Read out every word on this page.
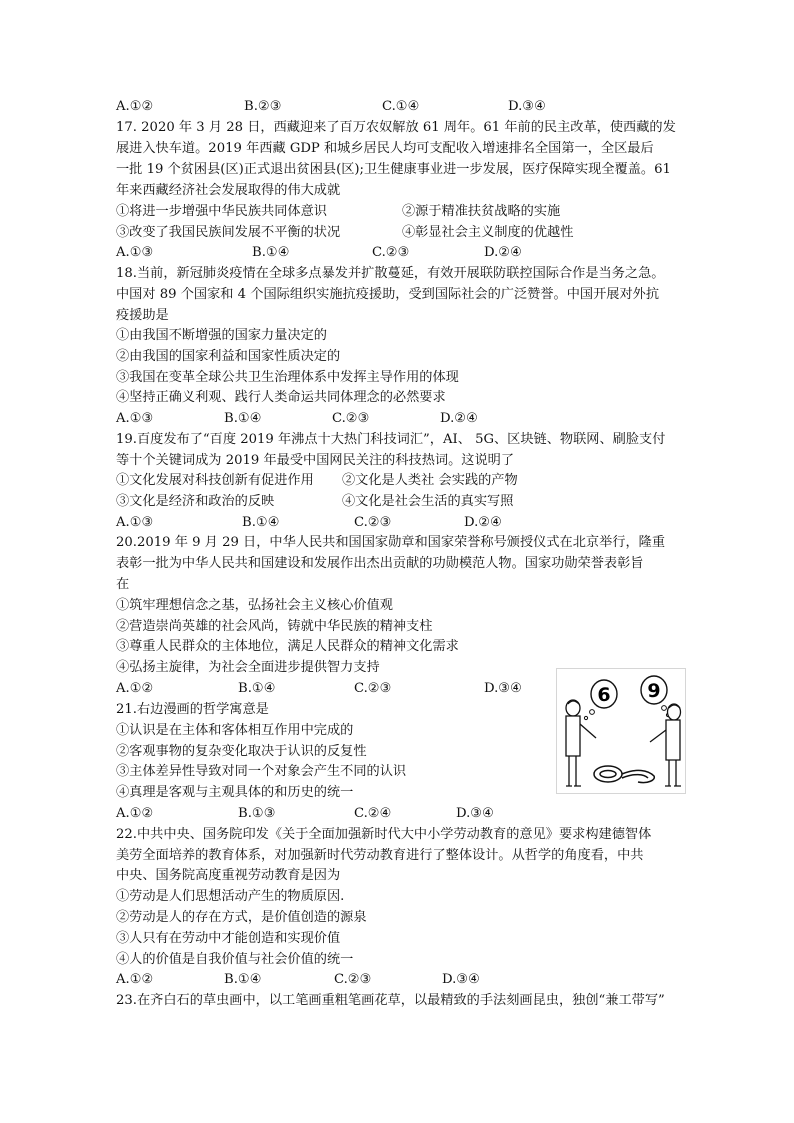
A.①②	B.②③	C.①④	D.③④
17. 2020 年 3 月 28 日，西藏迎来了百万农奴解放 61 周年。61 年前的民主改革，使西藏的发
展进入快车道。2019 年西藏 GDP 和城乡居民人均可支配收入增速排名全国第一，全区最后
一批 19 个贫困县(区)正式退出贫困县(区);卫生健康事业进一步发展，医疗保障实现全覆盖。61
年来西藏经济社会发展取得的伟大成就
①将进一步增强中华民族共同体意识	②源于精准扶贫战略的实施
③改变了我国民族间发展不平衡的状况	④彰显社会主义制度的优越性
A.①③	B.①④	C.②③	D.②④
18.当前，新冠肺炎疫情在全球多点暴发并扩散蔓延，有效开展联防联控国际合作是当务之急。
中国对 89 个国家和 4 个国际组织实施抗疫援助，受到国际社会的广泛赞誉。中国开展对外抗
疫援助是
①由我国不断增强的国家力量决定的
②由我国的国家利益和国家性质决定的
③我国在变革全球公共卫生治理体系中发挥主导作用的体现
④坚持正确义利观、践行人类命运共同体理念的必然要求
A.①③	B.①④	C.②③	D.②④
19.百度发布了“百度 2019 年沸点十大热门科技词汇”，AI、 5G、区块链、物联网、刷脸支付
等十个关键词成为 2019 年最受中国网民关注的科技热词。这说明了
①文化发展对科技创新有促进作用 ②文化是人类社 会实践的产物
③文化是经济和政治的反映	④文化是社会生活的真实写照
A.①③	B.①④	C.②③	D.②④
20.2019 年 9 月 29 日，中华人民共和国国家勋章和国家荣誉称号颁授仪式在北京举行，隆重
表彰一批为中华人民共和国建设和发展作出杰出贡献的功勋模范人物。国家功勋荣誉表彰旨
在
①筑牢理想信念之基，弘扬社会主义核心价值观
②营造崇尚英雄的社会风尚，铸就中华民族的精神支柱
③尊重人民群众的主体地位，满足人民群众的精神文化需求
④弘扬主旋律，为社会全面进步提供智力支持
A.①②	B.①④	C.②③	D.③④
21.右边漫画的哲学寓意是
①认识是在主体和客体相互作用中完成的
②客观事物的复杂变化取决于认识的反复性
③主体差异性导致对同一个对象会产生不同的认识
④真理是客观与主观具体的和历史的统一
A.①②	B.①③	C.②④	D.③④
6 9
22.中共中央、国务院印发《关于全面加强新时代大中小学劳动教育的意见》要求构建德智体
美劳全面培养的教育体系，对加强新时代劳动教育进行了整体设计。从哲学的角度看，中共
中央、国务院高度重视劳动教育是因为
①劳动是人们思想活动产生的物质原因.
②劳动是人的存在方式，是价值创造的源泉
③人只有在劳动中才能创造和实现价值
④人的价值是自我价值与社会价值的统一
A.①②	B.①④	C.②③	D.③④
23.在齐白石的草虫画中，以工笔画重粗笔画花草，以最精致的手法刻画昆虫，独创“兼工带写”
